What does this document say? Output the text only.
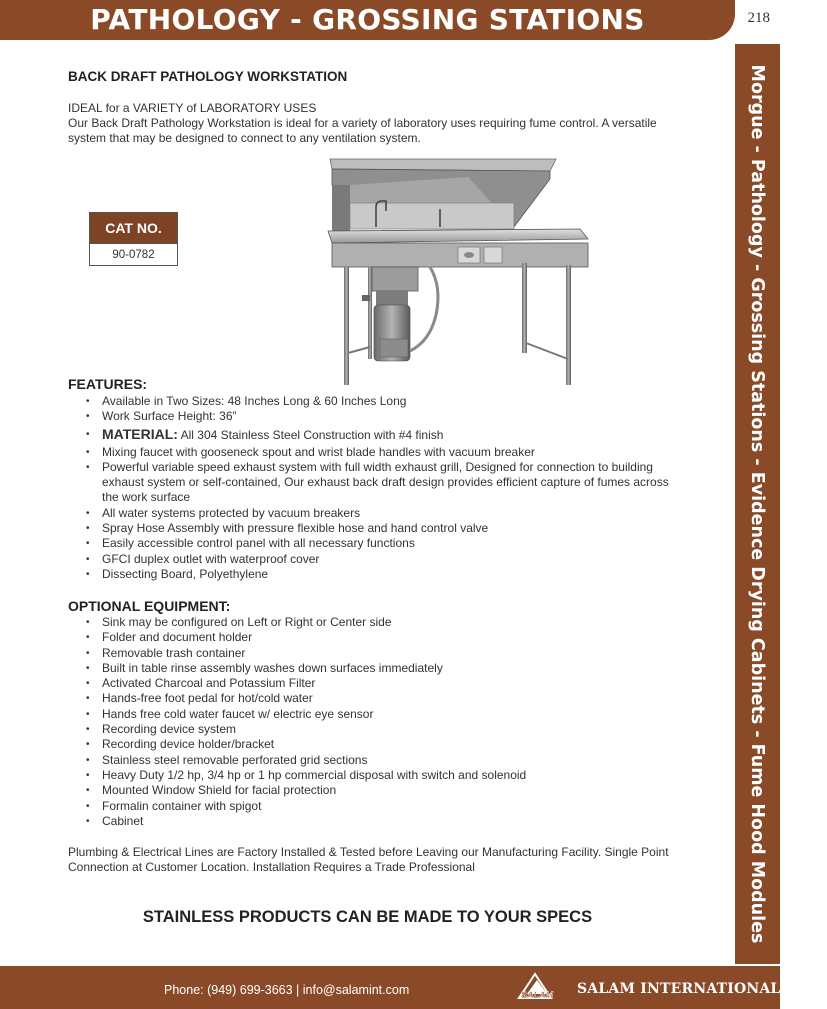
PATHOLOGY - GROSSING STATIONS	218
Morgue - Pathology - Grossing Stations - Evidence Drying Cabinets - Fume Hood Modules
BACK DRAFT PATHOLOGY WORKSTATION
IDEAL for a VARIETY of LABORATORY USES
Our Back Draft Pathology Workstation is ideal for a variety of laboratory uses requiring fume control. A versatile system that may be designed to connect to any ventilation system.
CAT NO.
90-0782
FEATURES:
• Available in Two Sizes: 48 Inches Long & 60 Inches Long
• Work Surface Height: 36”
• MATERIAL: All 304 Stainless Steel Construction with #4 finish
• Mixing faucet with gooseneck spout and wrist blade handles with vacuum breaker
• Powerful variable speed exhaust system with full width exhaust grill, Designed for connection to building exhaust system or self-contained, Our exhaust back draft design provides efficient capture of fumes across the work surface
• All water systems protected by vacuum breakers
• Spray Hose Assembly with pressure flexible hose and hand control valve
• Easily accessible control panel with all necessary functions
• GFCI duplex outlet with waterproof cover
• Dissecting Board, Polyethylene
OPTIONAL EQUIPMENT:
• Sink may be configured on Left or Right or Center side
• Folder and document holder
• Removable trash container
• Built in table rinse assembly washes down surfaces immediately
• Activated Charcoal and Potassium Filter
• Hands-free foot pedal for hot/cold water
• Hands free cold water faucet w/ electric eye sensor
• Recording device system
• Recording device holder/bracket
• Stainless steel removable perforated grid sections
• Heavy Duty 1/2 hp, 3/4 hp or 1 hp commercial disposal with switch and solenoid
• Mounted Window Shield for facial protection
• Formalin container with spigot
• Cabinet
Plumbing & Electrical Lines are Factory Installed & Tested before Leaving our Manufacturing Facility. Single Point Connection at Customer Location. Installation Requires a Trade Professional
STAINLESS PRODUCTS CAN BE MADE TO YOUR SPECS
Phone: (949) 699-3663 | info@salamint.com	SALAM SALAM INTERNATIONAL, INC.
